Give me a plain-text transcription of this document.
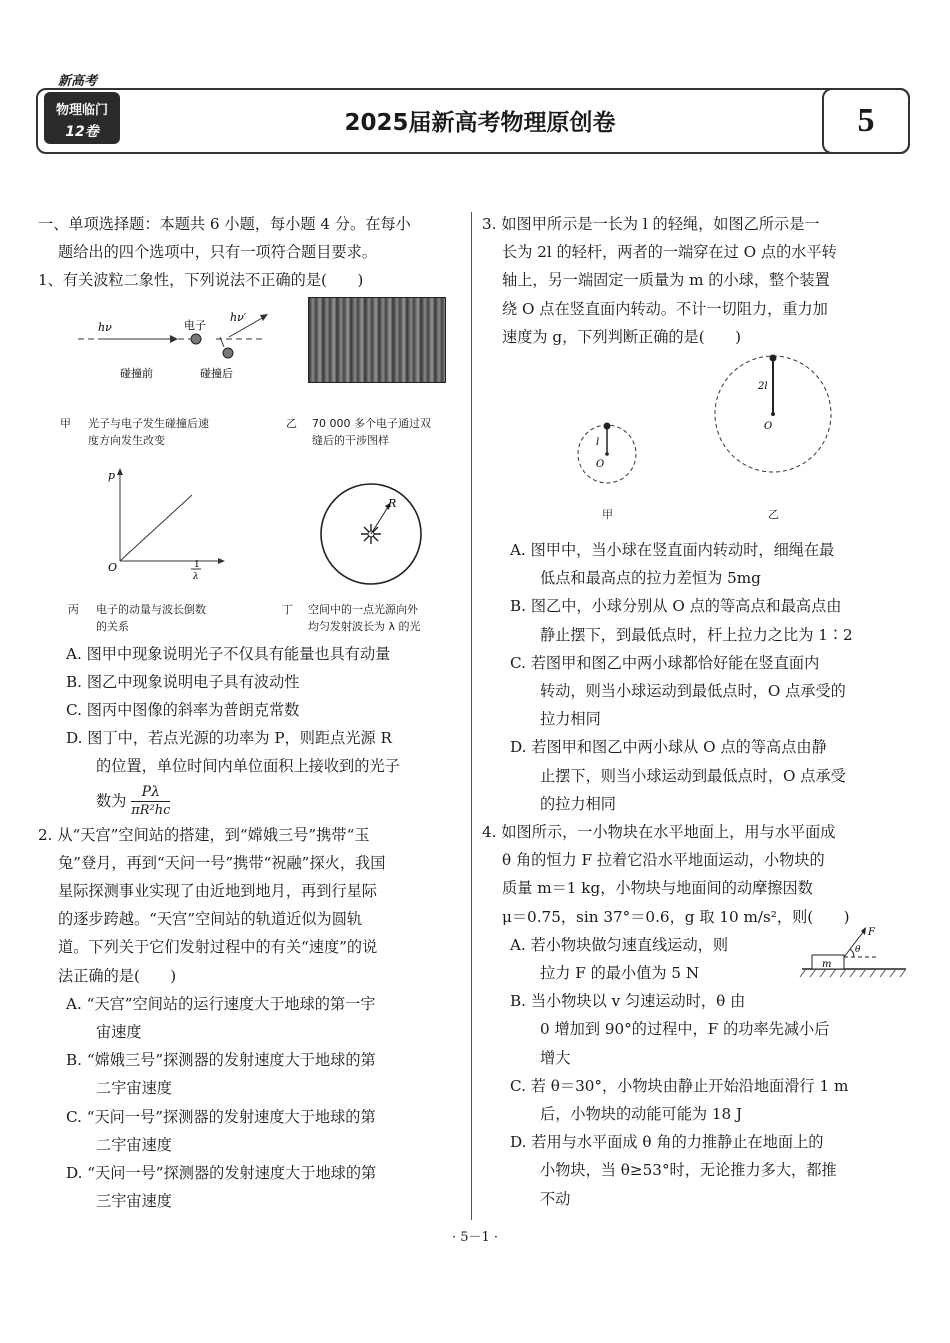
新高考
物理临门
12卷	2025届新高考物理原创卷	5

一、单项选择题：本题共 6 小题，每小题 4 分。在每小

题给出的四个选项中，只有一项符合题目要求。

1、有关波粒二象性，下列说法不正确的是(　　)

hν	电子
hν′
碰撞前	碰撞后
甲 光子与电子发生碰撞后速
度方向发生改变
乙 70 000 多个电子通过双
缝后的干涉图样
p
O	1
λ
丙 电子的动量与波长倒数
的关系
R
丁 空间中的一点光源向外
均匀发射波长为 λ 的光

A. 图甲中现象说明光子不仅具有能量也具有动量

B. 图乙中现象说明电子具有波动性

C. 图丙中图像的斜率为普朗克常数

D. 图丁中，若点光源的功率为 P，则距点光源 R

的位置，单位时间内单位面积上接收到的光子

数为 $\frac{P\lambda}{\text{πR²hc}}$

2. 从“天宫”空间站的搭建，到“嫦娥三号”携带“玉

兔”登月，再到“天问一号”携带“祝融”探火，我国

星际探测事业实现了由近地到地月，再到行星际

的逐步跨越。“天宫”空间站的轨道近似为圆轨

道。下列关于它们发射过程中的有关“速度”的说

法正确的是(　　)

A. “天宫”空间站的运行速度大于地球的第一宇

宙速度

B. “嫦娥三号”探测器的发射速度大于地球的第

二宇宙速度

C. “天问一号”探测器的发射速度大于地球的第

二宇宙速度

D. “天问一号”探测器的发射速度大于地球的第

三宇宙速度

3. 如图甲所示是一长为 l 的轻绳，如图乙所示是一

长为 2l 的轻杆，两者的一端穿在过 O 点的水平转

轴上，另一端固定一质量为 m 的小球，整个装置

绕 O 点在竖直面内转动。不计一切阻力，重力加

速度为 g，下列判断正确的是(　　)

l
O
甲
2l
O
乙

A. 图甲中，当小球在竖直面内转动时，细绳在最

低点和最高点的拉力差恒为 5mg

B. 图乙中，小球分别从 O 点的等高点和最高点由

静止摆下，到最低点时，杆上拉力之比为 1∶2

C. 若图甲和图乙中两小球都恰好能在竖直面内

转动，则当小球运动到最低点时，O 点承受的

拉力相同

D. 若图甲和图乙中两小球从 O 点的等高点由静

止摆下，则当小球运动到最低点时，O 点承受

的拉力相同

4. 如图所示，一小物块在水平地面上，用与水平面成

θ 角的恒力 F 拉着它沿水平地面运动，小物块的

质量 m＝1 kg，小物块与地面间的动摩擦因数

μ＝0.75，sin 37°＝0.6，g 取 10 m/s²，则(　　)

A. 若小物块做匀速直线运动，则

拉力 F 的最小值为 5 N

F
θ
m

B. 当小物块以 v 匀速运动时，θ 由

0 增加到 90°的过程中，F 的功率先减小后

增大

C. 若 θ＝30°，小物块由静止开始沿地面滑行 1 m

后，小物块的动能可能为 18 J

D. 若用与水平面成 θ 角的力推静止在地面上的

小物块，当 θ≥53°时，无论推力多大，都推

不动

· 5－1 ·
